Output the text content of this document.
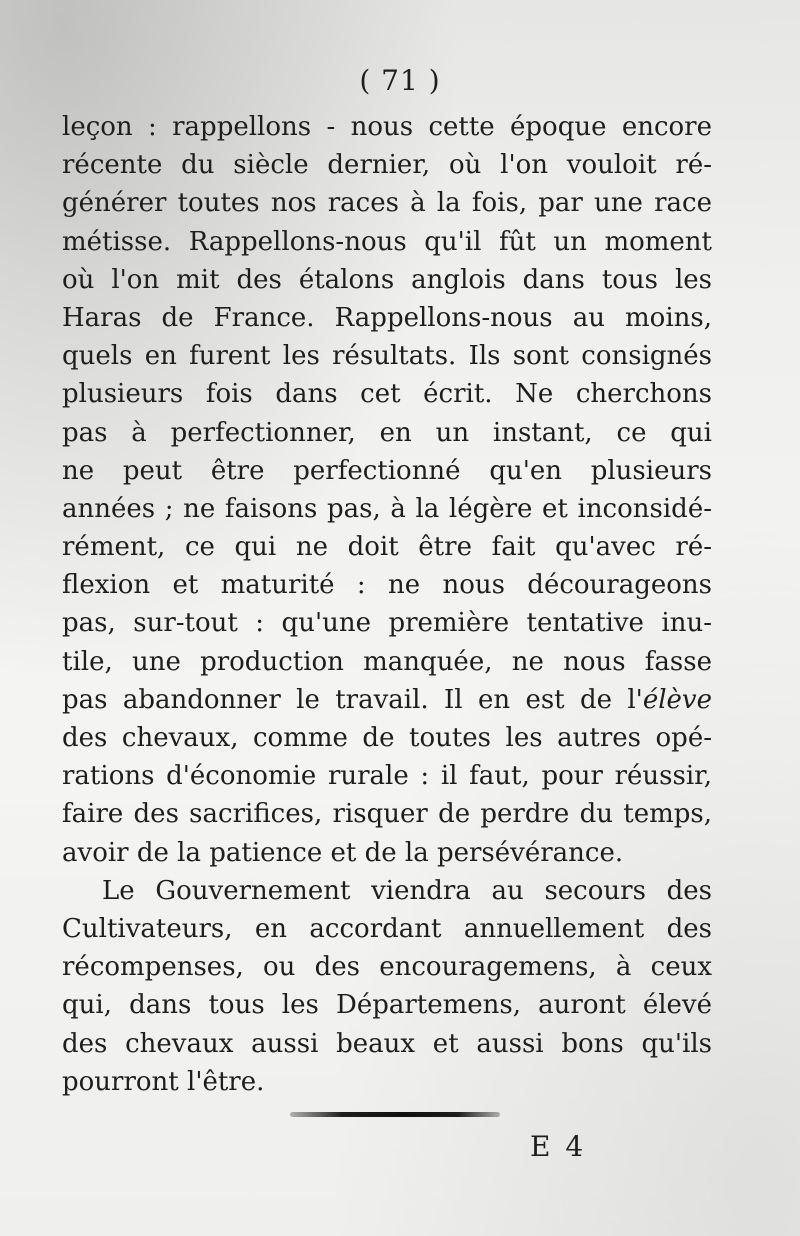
( 71 )
leçon : rappellons - nous cette époque encore
récente du siècle dernier, où l'on vouloit ré-
générer toutes nos races à la fois, par une race
métisse. Rappellons-nous qu'il fût un moment
où l'on mit des étalons anglois dans tous les
Haras de France. Rappellons-nous au moins,
quels en furent les résultats. Ils sont consignés
plusieurs fois dans cet écrit. Ne cherchons
pas à perfectionner, en un instant, ce qui
ne peut être perfectionné qu'en plusieurs
années ; ne faisons pas, à la légère et inconsidé-
rément, ce qui ne doit être fait qu'avec ré-
flexion et maturité : ne nous décourageons
pas, sur-tout : qu'une première tentative inu-
tile, une production manquée, ne nous fasse
pas abandonner le travail. Il en est de l'élève
des chevaux, comme de toutes les autres opé-
rations d'économie rurale : il faut, pour réussir,
faire des sacrifices, risquer de perdre du temps,
avoir de la patience et de la persévérance.
Le Gouvernement viendra au secours des
Cultivateurs, en accordant annuellement des
récompenses, ou des encouragemens, à ceux
qui, dans tous les Départemens, auront élevé
des chevaux aussi beaux et aussi bons qu'ils
pourront l'être.
E 4
